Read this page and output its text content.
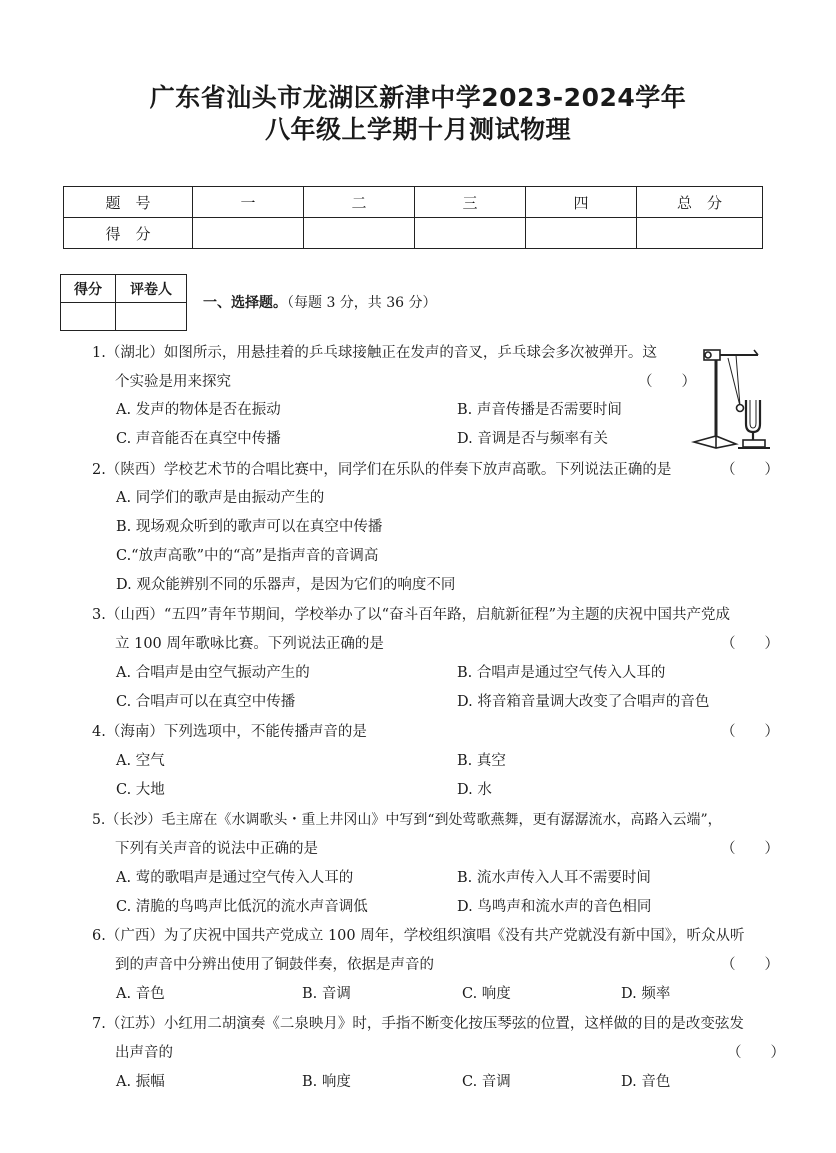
广东省汕头市龙湖区新津中学2023-2024学年
八年级上学期十月测试物理
题　号	一	二	三	四	总　分
得　分					
得分	评卷人

一、选择题。（每题 3 分，共 36 分）
1.（湖北）如图所示，用悬挂着的乒乓球接触正在发声的音叉，乒乓球会多次被弹开。这
个实验是用来探究	（　　）
A. 发声的物体是否在振动	B. 声音传播是否需要时间
C. 声音能否在真空中传播	D. 音调是否与频率有关
2.（陕西）学校艺术节的合唱比赛中，同学们在乐队的伴奏下放声高歌。下列说法正确的是	（　　）
A. 同学们的歌声是由振动产生的
B. 现场观众听到的歌声可以在真空中传播
C.“放声高歌”中的“高”是指声音的音调高
D. 观众能辨别不同的乐器声，是因为它们的响度不同
3.（山西）“五四”青年节期间，学校举办了以“奋斗百年路，启航新征程”为主题的庆祝中国共产党成
立 100 周年歌咏比赛。下列说法正确的是	（　　）
A. 合唱声是由空气振动产生的	B. 合唱声是通过空气传入人耳的
C. 合唱声可以在真空中传播	D. 将音箱音量调大改变了合唱声的音色
4.（海南）下列选项中，不能传播声音的是	（　　）
A. 空气	B. 真空
C. 大地	D. 水
5.（长沙）毛主席在《水调歌头・重上井冈山》中写到“到处莺歌燕舞，更有潺潺流水，高路入云端”，
下列有关声音的说法中正确的是	（　　）
A. 莺的歌唱声是通过空气传入人耳的	B. 流水声传入人耳不需要时间
C. 清脆的鸟鸣声比低沉的流水声音调低	D. 鸟鸣声和流水声的音色相同
6.（广西）为了庆祝中国共产党成立 100 周年，学校组织演唱《没有共产党就没有新中国》，听众从听
到的声音中分辨出使用了铜鼓伴奏，依据是声音的	（　　）
A. 音色	B. 音调	C. 响度	D. 频率
7.（江苏）小红用二胡演奏《二泉映月》时，手指不断变化按压琴弦的位置，这样做的目的是改变弦发
出声音的	（　　）
A. 振幅	B. 响度	C. 音调	D. 音色
